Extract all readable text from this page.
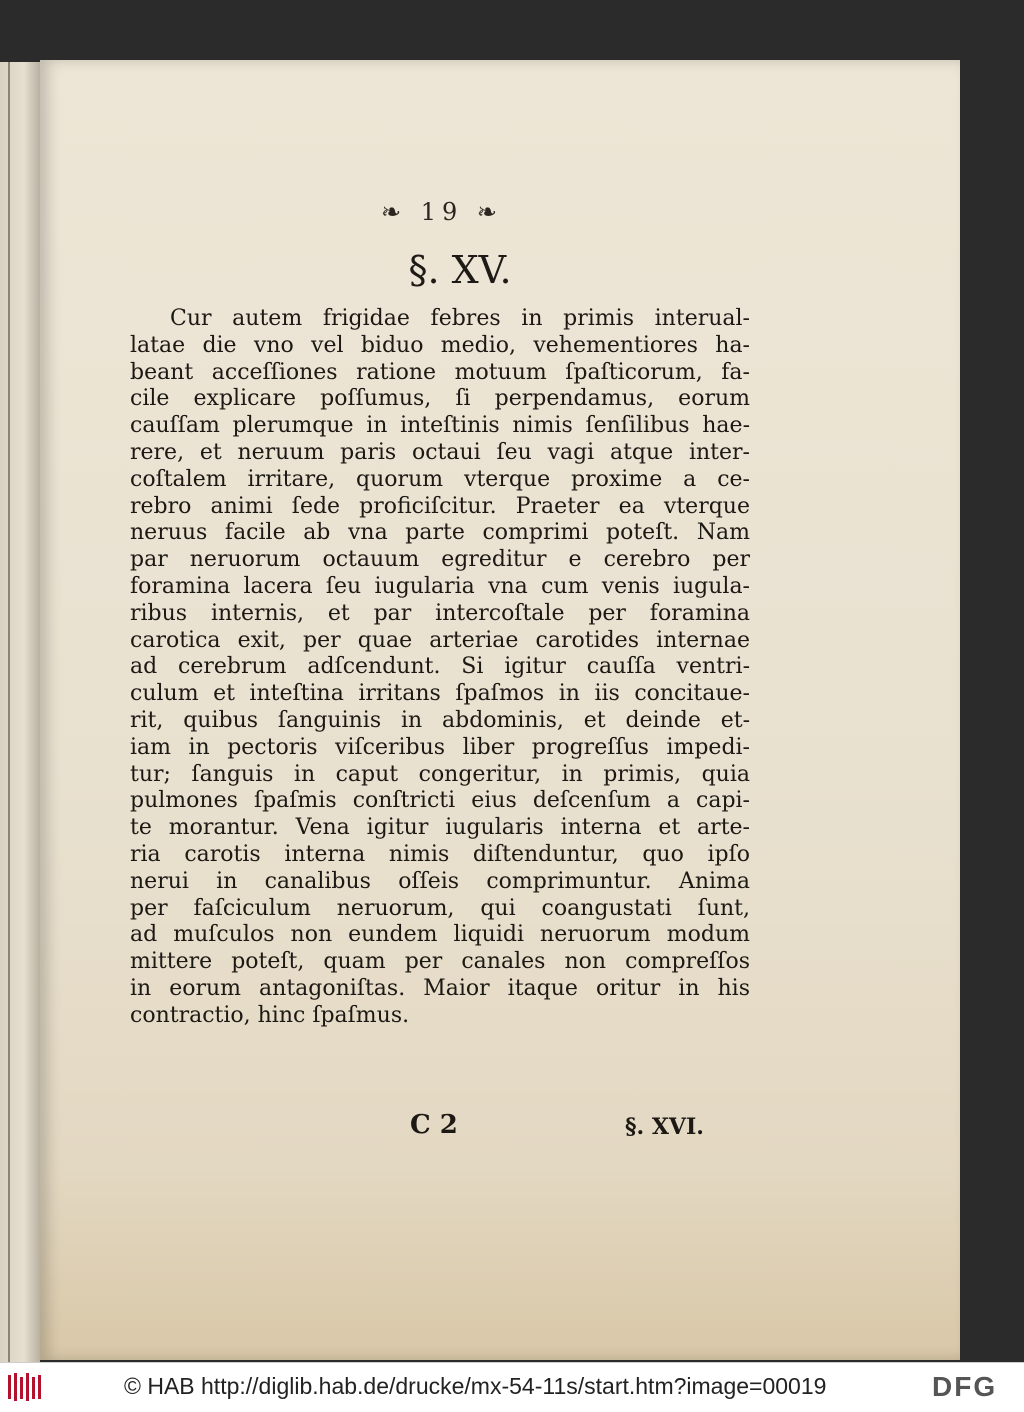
❧ 19 ❧
§. XV.
Cur autem frigidae febres in primis interual-
latae die vno vel biduo medio, vehementiores ha-
beant acceſſiones ratione motuum ſpaſticorum, fa-
cile explicare poſſumus, ſi perpendamus, eorum
cauſſam plerumque in inteſtinis nimis ſenſilibus hae-
rere, et neruum paris octaui ſeu vagi atque inter-
coſtalem irritare, quorum vterque proxime a ce-
rebro animi ſede proficiſcitur. Praeter ea vterque
neruus facile ab vna parte comprimi poteſt. Nam
par neruorum octauum egreditur e cerebro per
foramina lacera ſeu iugularia vna cum venis iugula-
ribus internis, et par intercoſtale per foramina
carotica exit, per quae arteriae carotides internae
ad cerebrum adſcendunt. Si igitur cauſſa ventri-
culum et inteſtina irritans ſpaſmos in iis concitaue-
rit, quibus ſanguinis in abdominis, et deinde et-
iam in pectoris viſceribus liber progreſſus impedi-
tur; ſanguis in caput congeritur, in primis, quia
pulmones ſpaſmis conſtricti eius deſcenſum a capi-
te morantur. Vena igitur iugularis interna et arte-
ria carotis interna nimis diſtenduntur, quo ipſo
nerui in canalibus oſſeis comprimuntur. Anima
per faſciculum neruorum, qui coangustati ſunt,
ad muſculos non eundem liquidi neruorum modum
mittere poteſt, quam per canales non compreſſos
in eorum antagoniſtas. Maior itaque oritur in his
contractio, hinc ſpaſmus.
C 2	§. XVI.
© HAB http://diglib.hab.de/drucke/mx-54-11s/start.htm?image=00019	DFG
